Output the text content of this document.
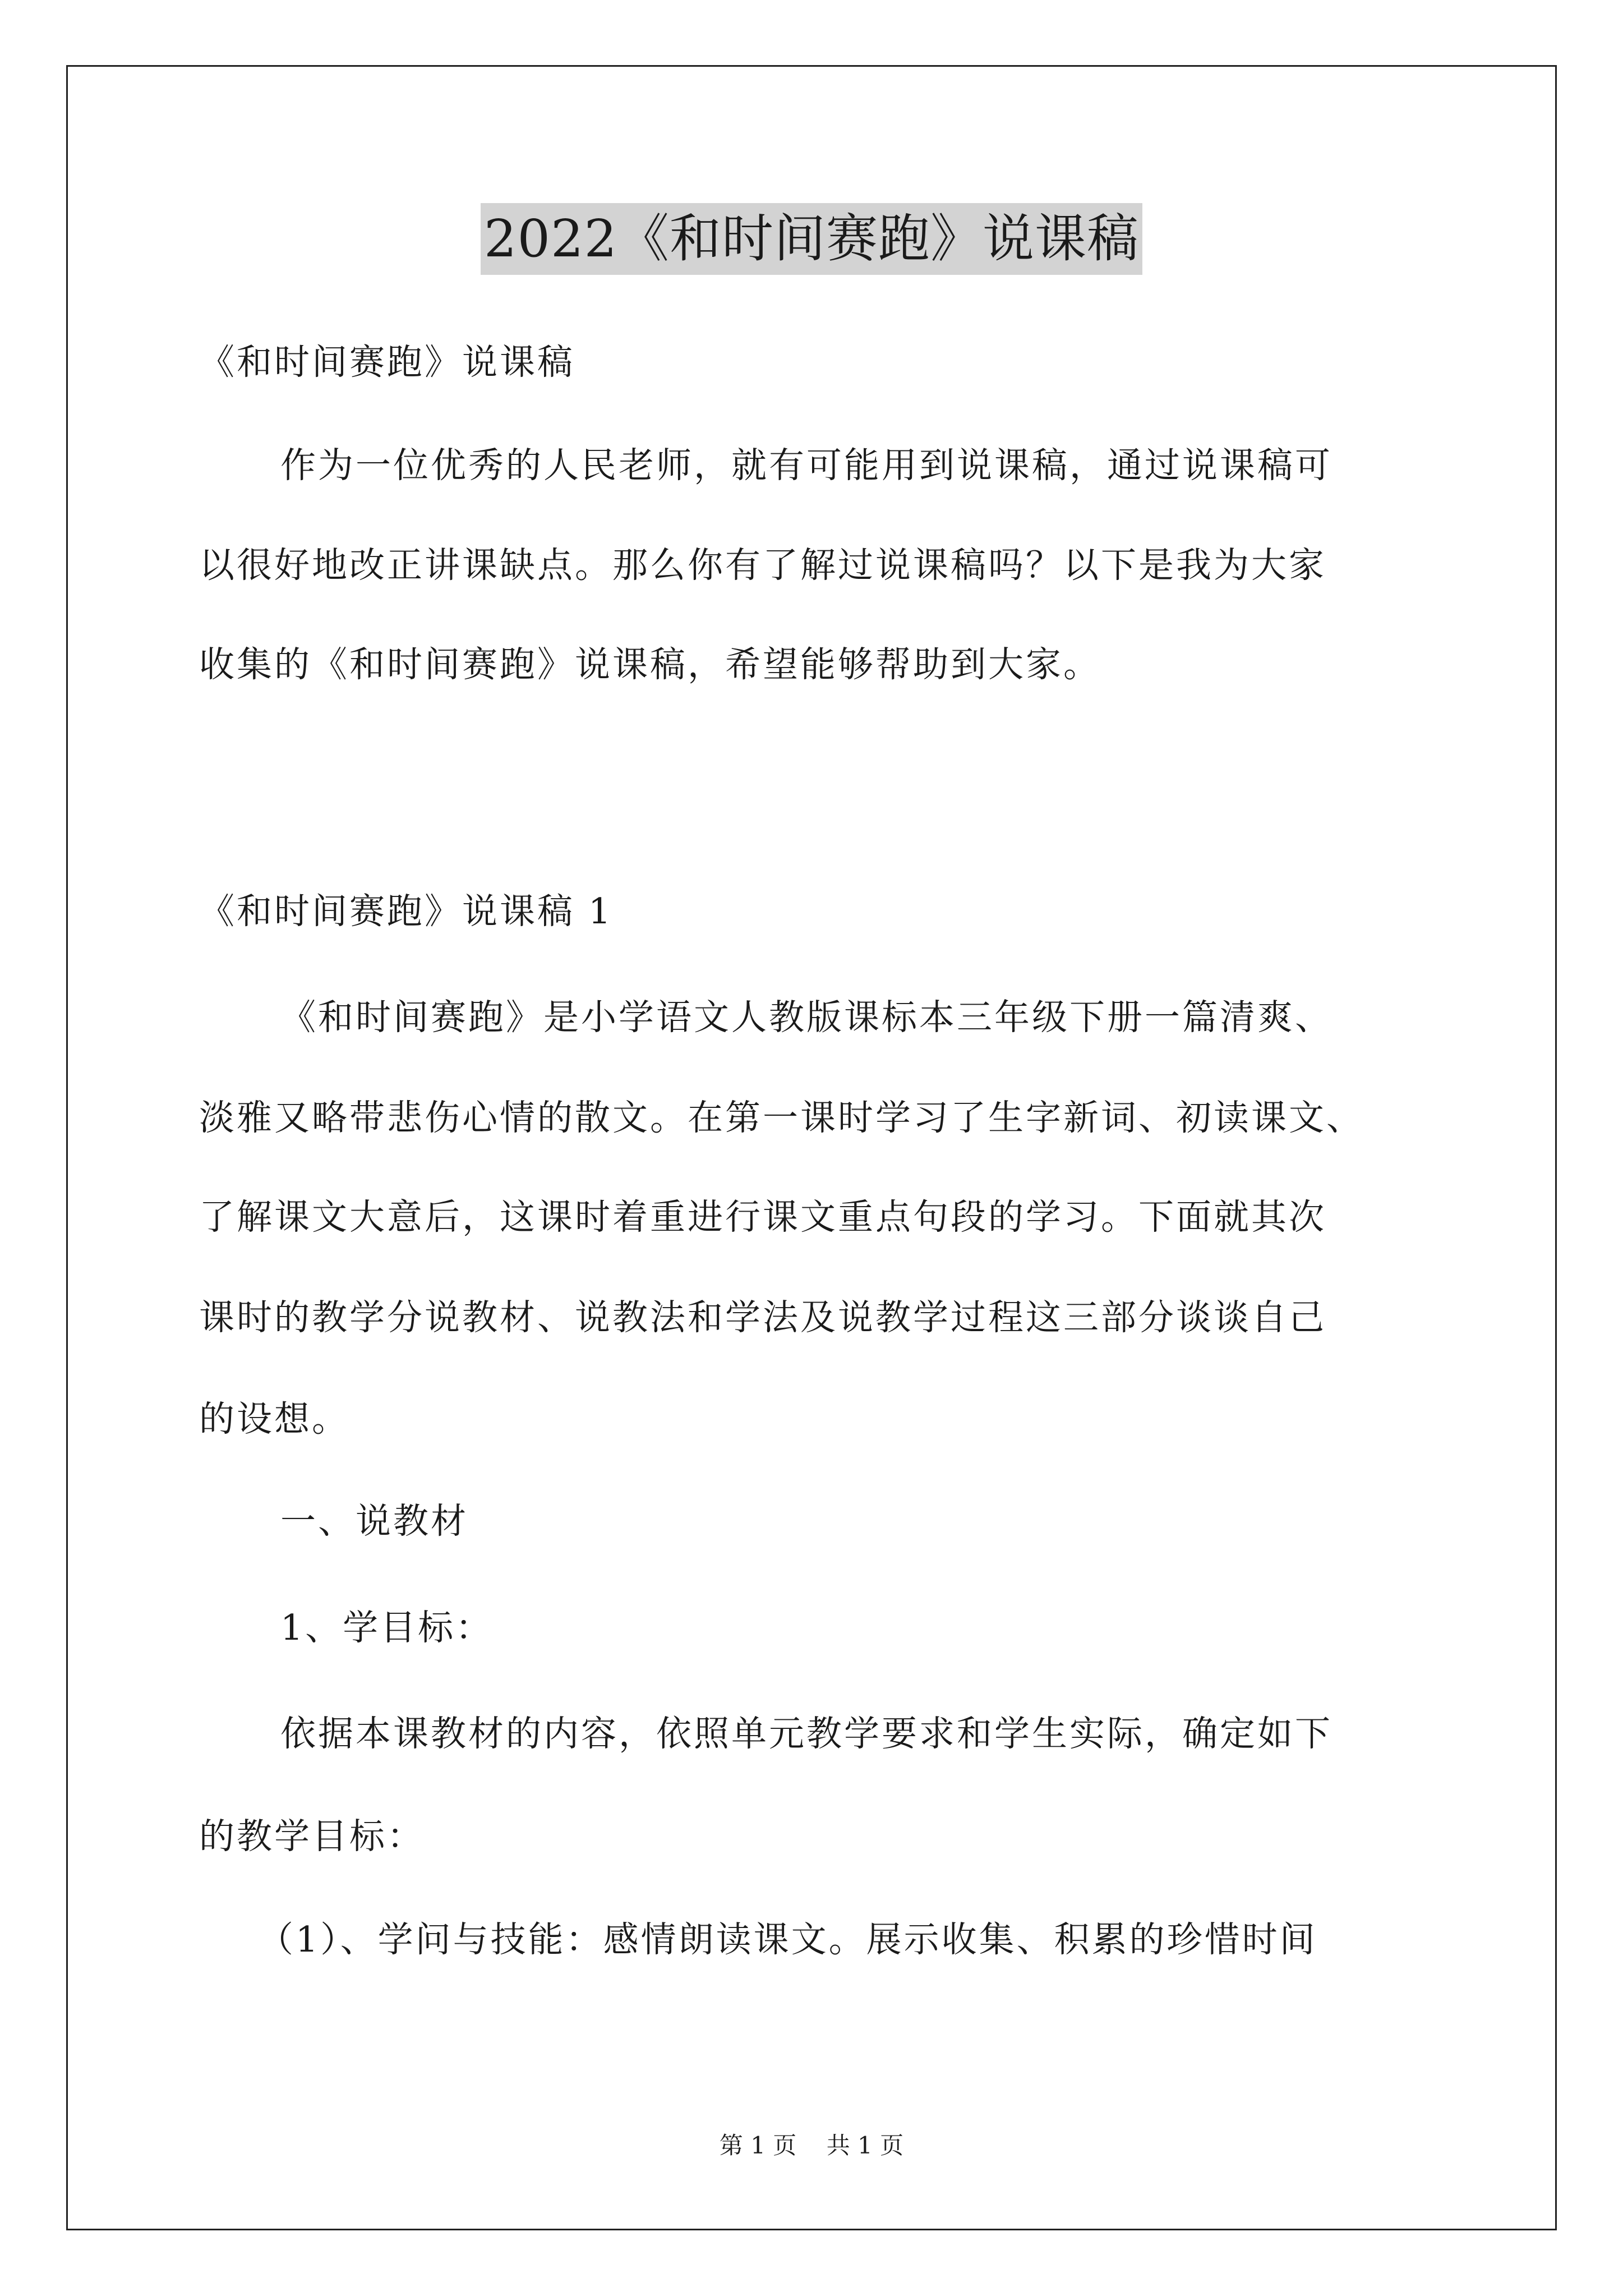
2022《和时间赛跑》说课稿
《和时间赛跑》说课稿
作为一位优秀的人民老师，就有可能用到说课稿，通过说课稿可
以很好地改正讲课缺点。那么你有了解过说课稿吗？以下是我为大家
收集的《和时间赛跑》说课稿，希望能够帮助到大家。
《和时间赛跑》说课稿 1
《和时间赛跑》是小学语文人教版课标本三年级下册一篇清爽、
淡雅又略带悲伤心情的散文。在第一课时学习了生字新词、初读课文、
了解课文大意后，这课时着重进行课文重点句段的学习。下面就其次
课时的教学分说教材、说教法和学法及说教学过程这三部分谈谈自己
的设想。
一、说教材
1、学目标：
依据本课教材的内容，依照单元教学要求和学生实际，确定如下
的教学目标：
（1）、学问与技能：感情朗读课文。展示收集、积累的珍惜时间
第 1 页    共 1 页
